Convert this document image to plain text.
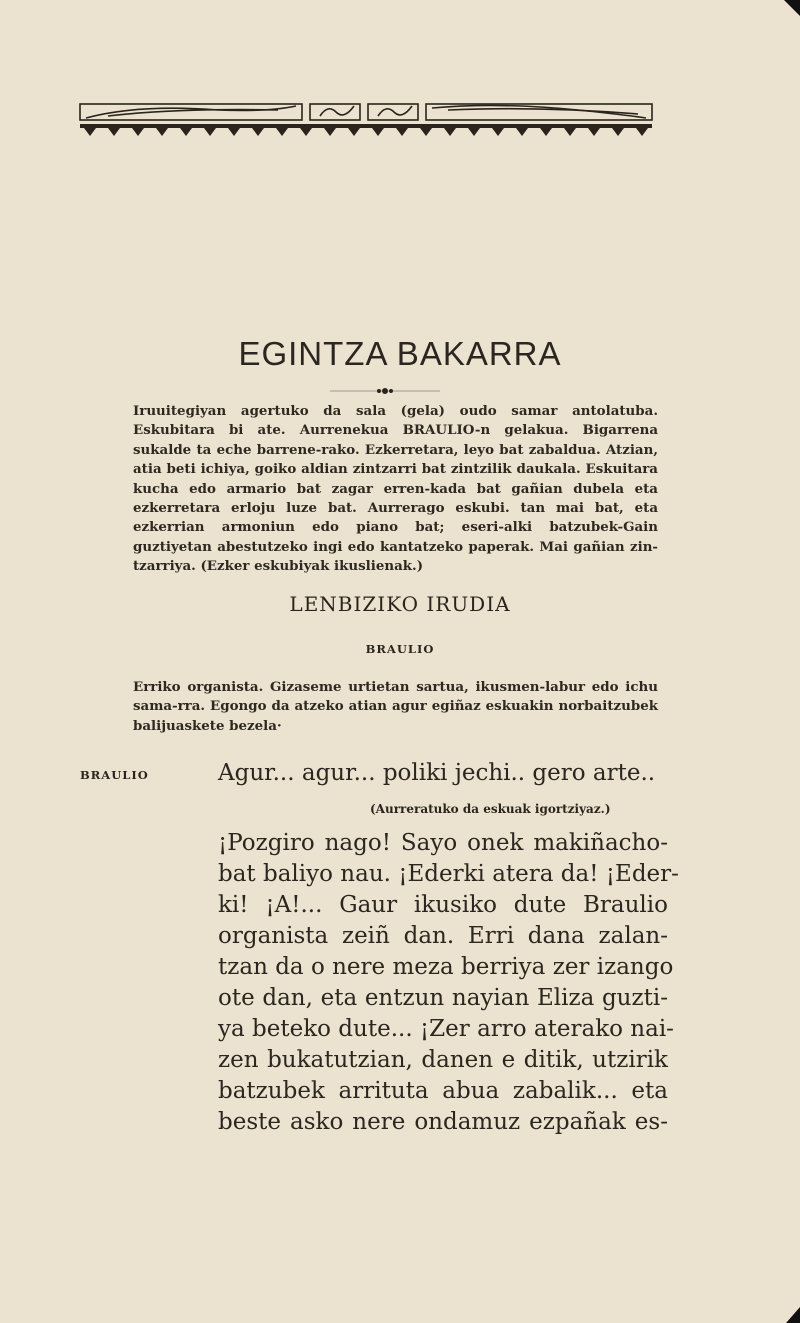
EGINTZA BAKARRA

Iruuitegiyan agertuko da sala (gela) oudo samar antolatuba. Eskubitara bi ate. Aurrenekua BRAULIO-n gelakua. Bigarrena sukalde ta eche barrene-rako. Ezkerretara, leyo bat zabaldua. Atzian, atia beti ichiya, goiko aldian zintzarri bat zintzilik daukala. Eskuitara kucha edo armario bat zagar erren-kada bat gañian dubela eta ezkerretara erloju luze bat. Aurrerago eskubi. tan mai bat, eta ezkerrian armoniun edo piano bat; eseri-alki batzubek-Gain guztiyetan abestutzeko ingi edo kantatzeko paperak. Mai gañian zin-tzarriya. (Ezker eskubiyak ikuslienak.)

LENBIZIKO IRUDIA
BRAULIO

Erriko organista. Gizaseme urtietan sartua, ikusmen-labur edo ichu sama-rra. Egongo da atzeko atian agur egiñaz eskuakin norbaitzubek balijuaskete bezela·

BRAULIO	Agur... agur... poliki jechi.. gero arte..

(Aurreratuko da eskuak igortziyaz.)

¡Pozgiro nago! Sayo onek makiñacho-

bat baliyo nau. ¡Ederki atera da! ¡Eder-

ki! ¡A!... Gaur ikusiko dute Braulio

organista zeiñ dan. Erri dana zalan-

tzan da o nere meza berriya zer izango

ote dan, eta entzun nayian Eliza guzti-

ya beteko dute... ¡Zer arro aterako nai-

zen bukatutzian, danen e ditik, utzirik

batzubek arrituta abua zabalik... eta

beste asko nere ondamuz ezpañak es-
